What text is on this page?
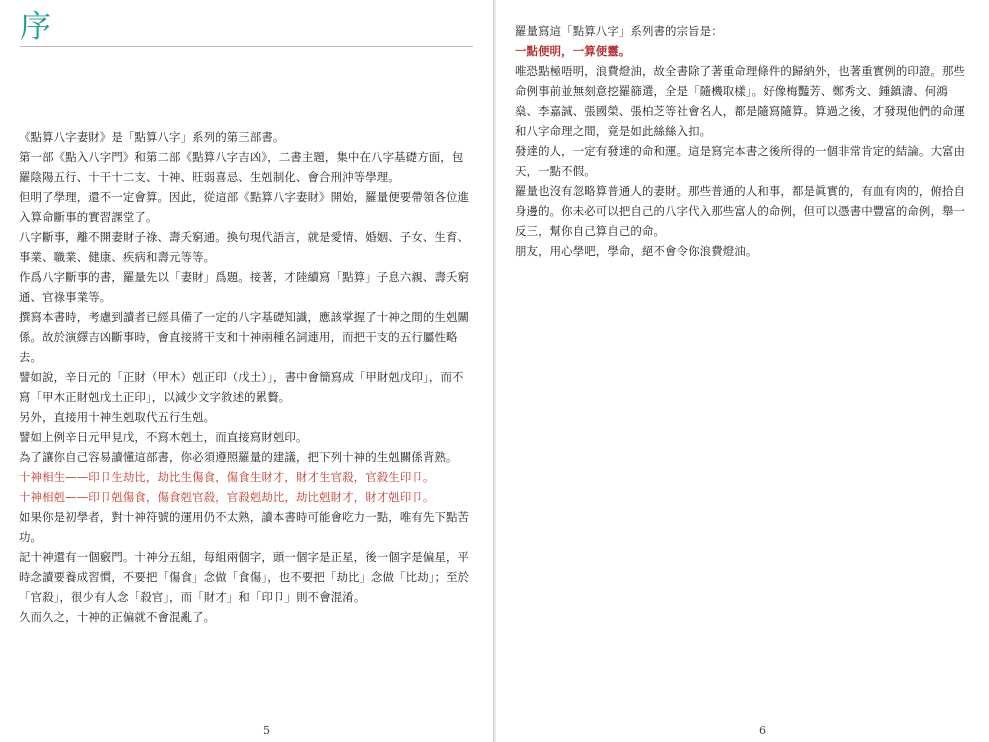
序

《點算八字妻財》是「點算八字」系列的第三部書。

第一部《點入八字門》和第二部《點算八字吉凶》，二書主題，集中在八字基礎方面，包羅陰陽五行、十干十二支、十神、旺弱喜忌、生剋制化、會合刑沖等學理。

但明了學理，還不一定會算。因此，從這部《點算八字妻財》開始，羅量便要帶領各位進入算命斷事的實習課堂了。

八字斷事，離不開妻財子祿、壽夭窮通。換句現代語言，就是愛情、婚姻、子女、生育、事業、職業、健康、疾病和壽元等等。

作爲八字斷事的書，羅量先以「妻財」爲題。接著，才陸續寫「點算」子息六親、壽夭窮通、官祿事業等。

撰寫本書時，考慮到讀者已經具備了一定的八字基礎知識，應該掌握了十神之間的生剋關係。故於演繹吉凶斷事時，會直接將干支和十神兩種名詞連用，而把干支的五行屬性略去。

譬如說，辛日元的「正財（甲木）剋正印（戊土）」，書中會簡寫成「甲財剋戊印」，而不寫「甲木正財剋戊土正印」，以減少文字敘述的累贅。

另外，直接用十神生剋取代五行生剋。

譬如上例辛日元甲見戊，不寫木剋土，而直接寫財剋印。

為了讓你自己容易讀懂這部書，你必須遵照羅量的建議，把下列十神的生剋關係背熟。

十神相生——印卩生劫比，劫比生傷食，傷食生財才，財才生官殺，官殺生印卩。

十神相剋——印卩剋傷食，傷食剋官殺，官殺剋劫比，劫比剋財才，財才剋印卩。

如果你是初學者，對十神符號的運用仍不太熟，讀本書時可能會吃力一點，唯有先下點苦功。

記十神還有一個竅門。十神分五組，每組兩個字，頭一個字是正星，後一個字是偏星，平時念讀要養成習慣，不要把「傷食」念做「食傷」，也不要把「劫比」念做「比劫」；至於「官殺」，很少有人念「殺官」，而「財才」和「印卩」則不會混淆。

久而久之，十神的正偏就不會混亂了。

5

羅量寫這「點算八字」系列書的宗旨是：

一點便明，一算便靈。

唯恐點極唔明，浪費燈油，故全書除了著重命理條件的歸納外，也著重實例的印證。那些命例事前並無刻意挖羅篩選，全是「隨機取樣」。好像梅豔芳、鄭秀文、鍾鎮濤、何鴻燊、李嘉誠、張國榮、張柏芝等社會名人，都是隨寫隨算。算過之後，才發現他們的命運和八字命理之間，竟是如此絲絲入扣。

發達的人，一定有發達的命和運。這是寫完本書之後所得的一個非常肯定的結論。大富由天，一點不假。

羅量也沒有忽略算普通人的妻財。那些普通的人和事，都是眞實的，有血有肉的，俯拾自身邊的。你未必可以把自己的八字代入那些富人的命例，但可以憑書中豐富的命例，舉一反三，幫你自己算自己的命。

朋友，用心學吧，學命，絕不會令你浪費燈油。

6
